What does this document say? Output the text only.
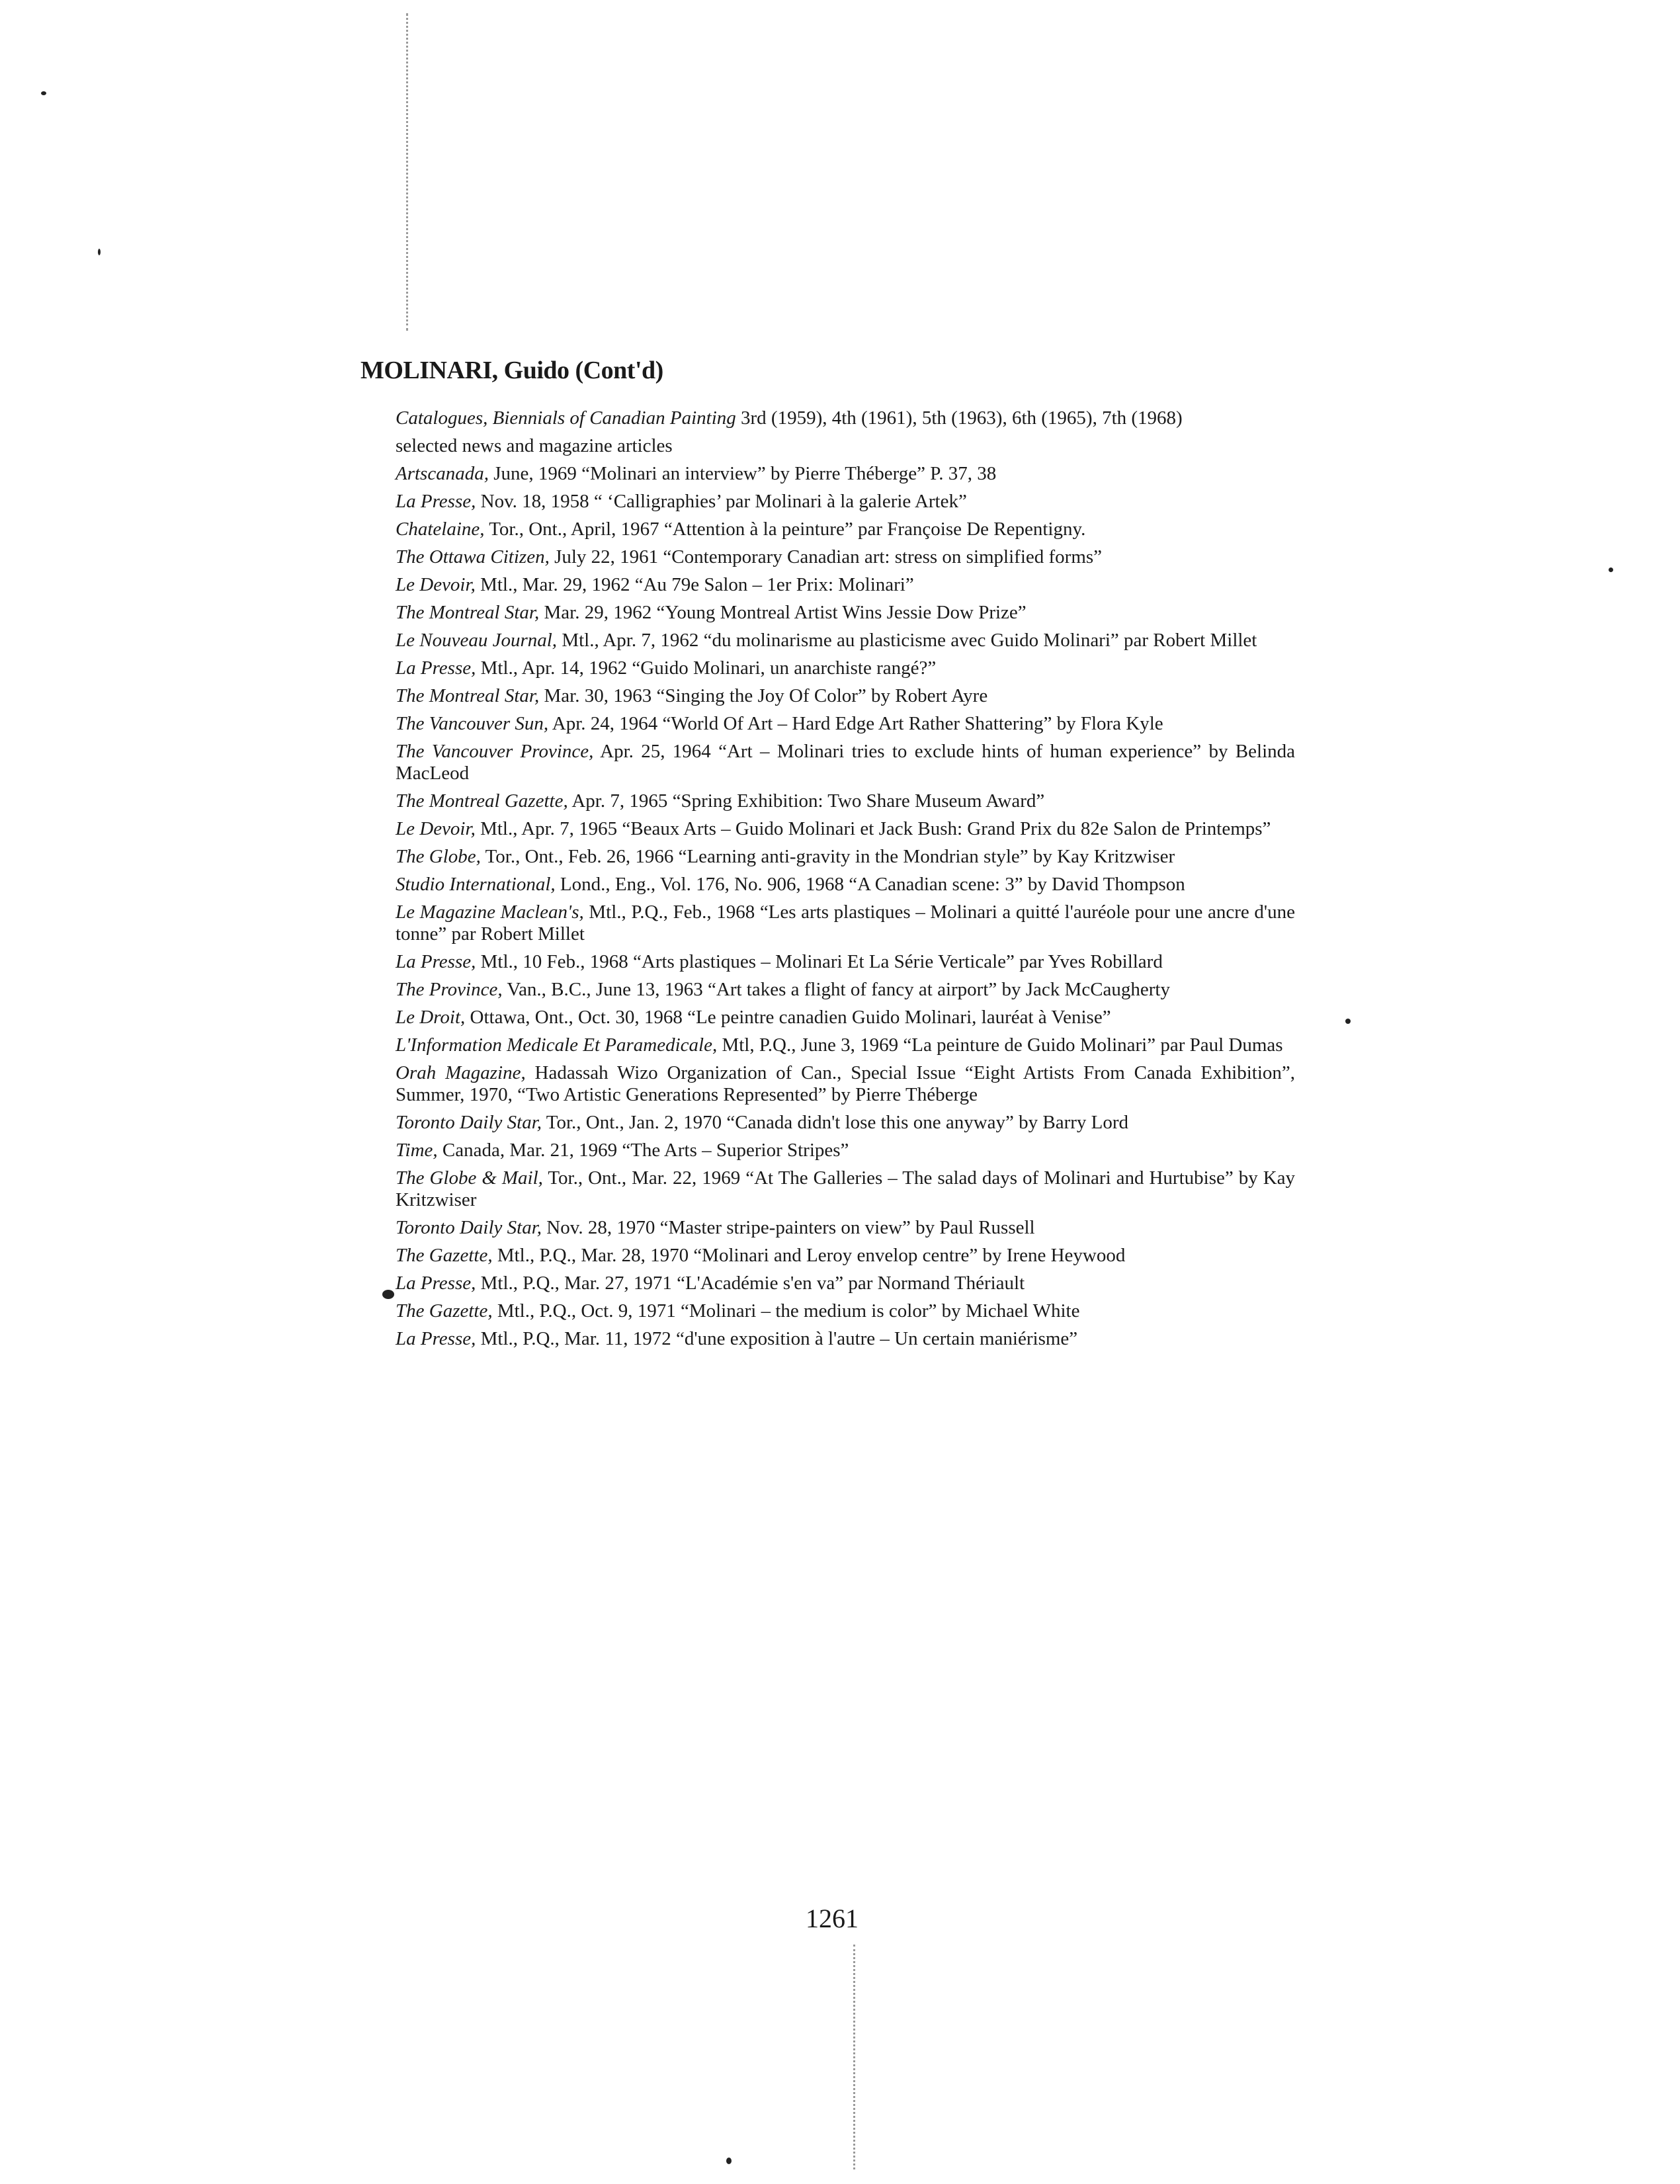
MOLINARI, Guido (Cont'd)
Catalogues, Biennials of Canadian Painting 3rd (1959), 4th (1961), 5th (1963), 6th (1965), 7th (1968)
selected news and magazine articles
Artscanada, June, 1969 “Molinari an interview” by Pierre Théberge” P. 37, 38
La Presse, Nov. 18, 1958 “ ‘Calligraphies’ par Molinari à la galerie Artek”
Chatelaine, Tor., Ont., April, 1967 “Attention à la peinture” par Françoise De Repentigny.
The Ottawa Citizen, July 22, 1961 “Contemporary Canadian art: stress on simplified forms”
Le Devoir, Mtl., Mar. 29, 1962 “Au 79e Salon – 1er Prix: Molinari”
The Montreal Star, Mar. 29, 1962 “Young Montreal Artist Wins Jessie Dow Prize”
Le Nouveau Journal, Mtl., Apr. 7, 1962 “du molinarisme au plasticisme avec Guido Molinari” par Robert Millet
La Presse, Mtl., Apr. 14, 1962 “Guido Molinari, un anarchiste rangé?”
The Montreal Star, Mar. 30, 1963 “Singing the Joy Of Color” by Robert Ayre
The Vancouver Sun, Apr. 24, 1964 “World Of Art – Hard Edge Art Rather Shattering” by Flora Kyle
The Vancouver Province, Apr. 25, 1964 “Art – Molinari tries to exclude hints of human experience” by Belinda MacLeod
The Montreal Gazette, Apr. 7, 1965 “Spring Exhibition: Two Share Museum Award”
Le Devoir, Mtl., Apr. 7, 1965 “Beaux Arts – Guido Molinari et Jack Bush: Grand Prix du 82e Salon de Printemps”
The Globe, Tor., Ont., Feb. 26, 1966 “Learning anti-gravity in the Mondrian style” by Kay Kritzwiser
Studio International, Lond., Eng., Vol. 176, No. 906, 1968 “A Canadian scene: 3” by David Thompson
Le Magazine Maclean's, Mtl., P.Q., Feb., 1968 “Les arts plastiques – Molinari a quitté l'auréole pour une ancre d'une tonne” par Robert Millet
La Presse, Mtl., 10 Feb., 1968 “Arts plastiques – Molinari Et La Série Verticale” par Yves Robillard
The Province, Van., B.C., June 13, 1963 “Art takes a flight of fancy at airport” by Jack McCaugherty
Le Droit, Ottawa, Ont., Oct. 30, 1968 “Le peintre canadien Guido Molinari, lauréat à Venise”
L'Information Medicale Et Paramedicale, Mtl, P.Q., June 3, 1969 “La peinture de Guido Molinari” par Paul Dumas
Orah Magazine, Hadassah Wizo Organization of Can., Special Issue “Eight Artists From Canada Exhibition”, Summer, 1970, “Two Artistic Generations Represented” by Pierre Théberge
Toronto Daily Star, Tor., Ont., Jan. 2, 1970 “Canada didn't lose this one anyway” by Barry Lord
Time, Canada, Mar. 21, 1969 “The Arts – Superior Stripes”
The Globe & Mail, Tor., Ont., Mar. 22, 1969 “At The Galleries – The salad days of Molinari and Hurtubise” by Kay Kritzwiser
Toronto Daily Star, Nov. 28, 1970 “Master stripe-painters on view” by Paul Russell
The Gazette, Mtl., P.Q., Mar. 28, 1970 “Molinari and Leroy envelop centre” by Irene Heywood
La Presse, Mtl., P.Q., Mar. 27, 1971 “L'Académie s'en va” par Normand Thériault
The Gazette, Mtl., P.Q., Oct. 9, 1971 “Molinari – the medium is color” by Michael White
La Presse, Mtl., P.Q., Mar. 11, 1972 “d'une exposition à l'autre – Un certain maniérisme”
1261
